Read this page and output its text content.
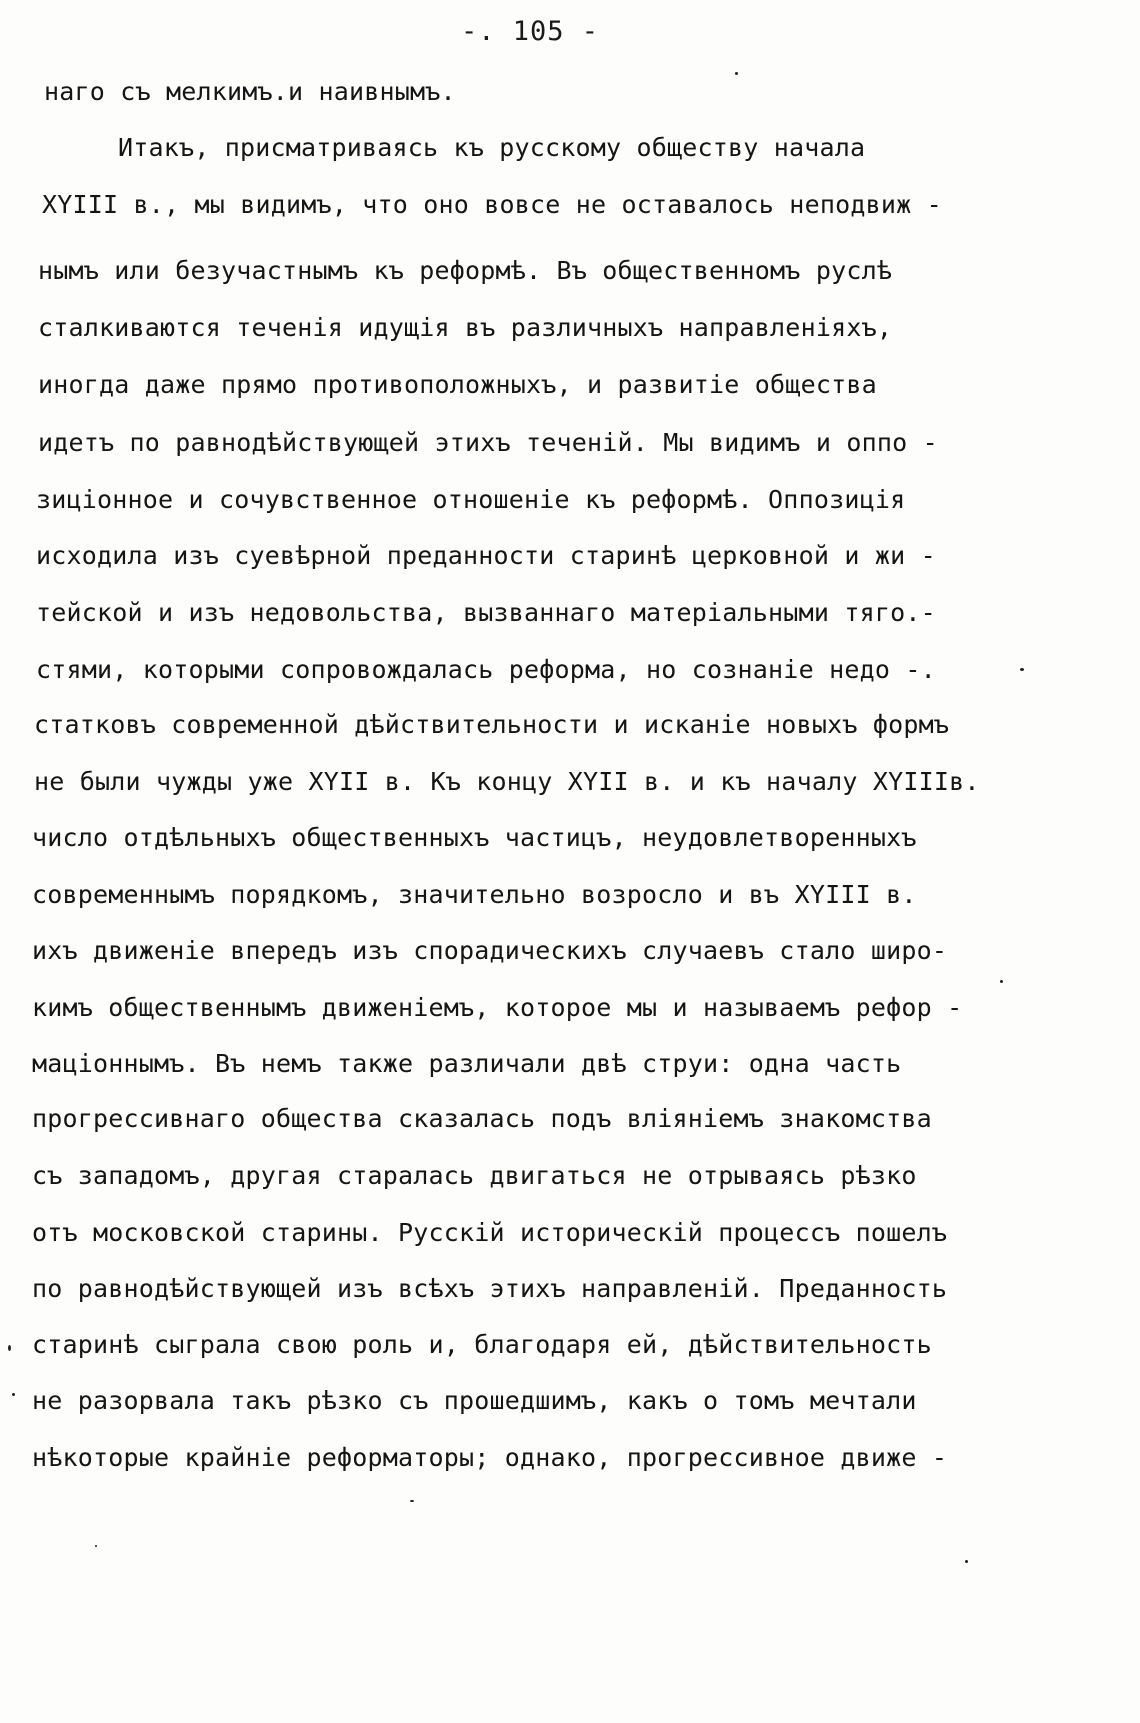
-. 105 -
наго съ мелкимъ.и наивнымъ.
Итакъ, присматриваясь къ русскому обществу начала
XYIII в., мы видимъ, что оно вовсе не оставалось неподвиж -
нымъ или безучастнымъ къ реформѣ. Въ общественномъ руслѣ
сталкиваются теченія идущія въ различныхъ направленіяхъ,
иногда даже прямо противоположныхъ, и развитіе общества
идетъ по равнодѣйствующей этихъ теченій. Мы видимъ и оппо -
зиціонное и сочувственное отношеніе къ реформѣ. Оппозиція
исходила изъ суевѣрной преданности старинѣ церковной и жи -
тейской и изъ недовольства, вызваннаго матеріальными тяго.-
стями, которыми сопровождалась реформа, но сознаніе недо -.
статковъ современной дѣйствительности и исканіе новыхъ формъ
не были чужды уже XYII в. Къ концу XYII в. и къ началу XYIIIв.
число отдѣльныхъ общественныхъ частицъ, неудовлетворенныхъ
современнымъ порядкомъ, значительно возросло и въ XYIII в.
ихъ движеніе впередъ изъ спорадическихъ случаевъ стало широ-
кимъ общественнымъ движеніемъ, которое мы и называемъ рефор -
маціоннымъ. Въ немъ также различали двѣ струи: одна часть
прогрессивнаго общества сказалась подъ вліяніемъ знакомства
съ западомъ, другая старалась двигаться не отрываясь рѣзко
отъ московской старины. Русскій историческій процессъ пошелъ
по равнодѣйствующей изъ всѣхъ этихъ направленій. Преданность
старинѣ сыграла свою роль и, благодаря ей, дѣйствительность
не разорвала такъ рѣзко съ прошедшимъ, какъ о томъ мечтали
нѣкоторые крайніе реформаторы; однако, прогрессивное движе -
